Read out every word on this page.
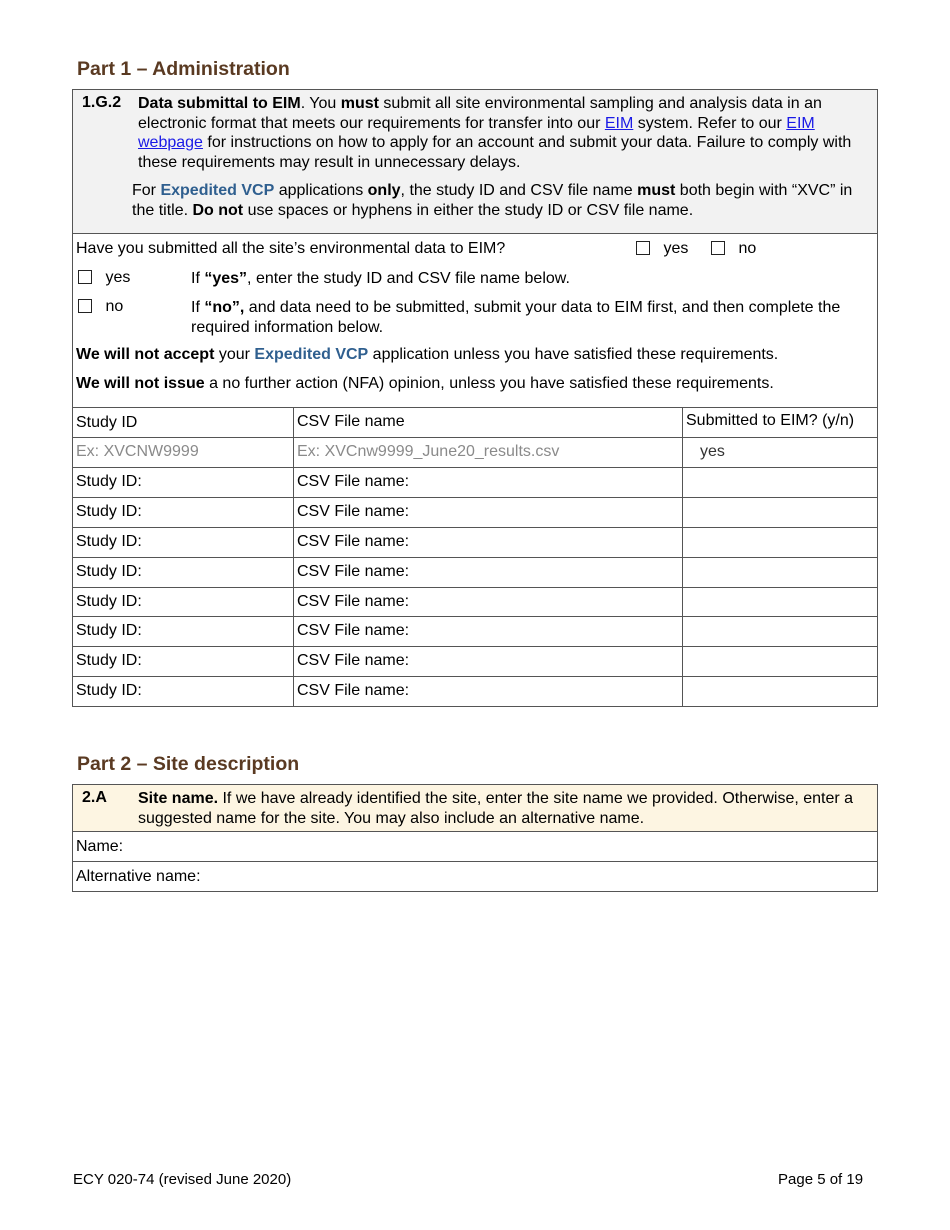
Part 1 – Administration
1.G.2 Data submittal to EIM. You must submit all site environmental sampling and analysis data in an electronic format that meets our requirements for transfer into our EIM system. Refer to our EIM webpage for instructions on how to apply for an account and submit your data. Failure to comply with these requirements may result in unnecessary delays.
For Expedited VCP applications only, the study ID and CSV file name must both begin with “XVC” in the title. Do not use spaces or hyphens in either the study ID or CSV file name.
Have you submitted all the site’s environmental data to EIM?	yes	no
yes	If “yes”, enter the study ID and CSV file name below.
no	If “no”, and data need to be submitted, submit your data to EIM first, and then complete the required information below.
We will not accept your Expedited VCP application unless you have satisfied these requirements.
We will not issue a no further action (NFA) opinion, unless you have satisfied these requirements.
Study ID	CSV File name	Submitted to EIM? (y/n)
Ex: XVCNW9999	Ex: XVCnw9999_June20_results.csv	yes
Study ID:	CSV File name:
Study ID:	CSV File name:
Study ID:	CSV File name:
Study ID:	CSV File name:
Study ID:	CSV File name:
Study ID:	CSV File name:
Study ID:	CSV File name:
Study ID:	CSV File name:
Part 2 – Site description
2.A Site name. If we have already identified the site, enter the site name we provided. Otherwise, enter a suggested name for the site. You may also include an alternative name.
Name:
Alternative name:
ECY 020-74 (revised June 2020)	Page 5 of 19
